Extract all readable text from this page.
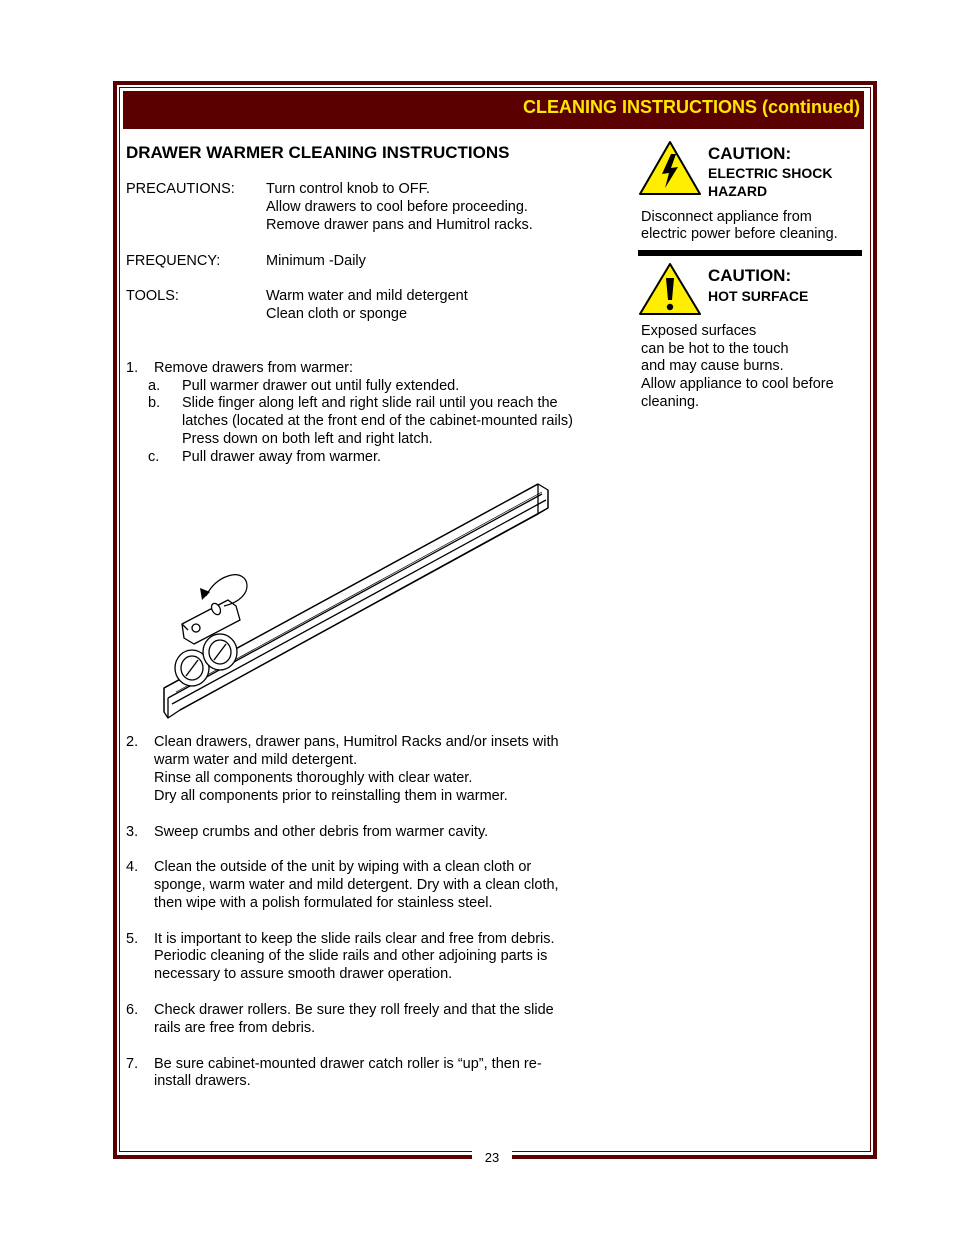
CLEANING INSTRUCTIONS (continued)
DRAWER WARMER CLEANING INSTRUCTIONS
PRECAUTIONS: Turn control knob to OFF.
Allow drawers to cool before proceeding.
Remove drawer pans and Humitrol racks.
FREQUENCY:	Minimum -Daily
TOOLS:	Warm water and mild detergent
Clean cloth or sponge
1. Remove drawers from warmer:
a. Pull warmer drawer out until fully extended.
b. Slide finger along left and right slide rail until you reach the
latches (located at the front end of the cabinet-mounted rails)
Press down on both left and right latch.
c. Pull drawer away from warmer.
2. Clean drawers, drawer pans, Humitrol Racks and/or insets with
warm water and mild detergent.
Rinse all components thoroughly with clear water.
Dry all components prior to reinstalling them in warmer.
3. Sweep crumbs and other debris from warmer cavity.
4. Clean the outside of the unit by wiping with a clean cloth or
sponge, warm water and mild detergent. Dry with a clean cloth,
then wipe with a polish formulated for stainless steel.
5. It is important to keep the slide rails clear and free from debris.
Periodic cleaning of the slide rails and other adjoining parts is
necessary to assure smooth drawer operation.
6. Check drawer rollers. Be sure they roll freely and that the slide
rails are free from debris.
7. Be sure cabinet-mounted drawer catch roller is “up”, then re-
install drawers.
CAUTION:
ELECTRIC SHOCK
HAZARD
Disconnect appliance from
electric power before cleaning.
CAUTION:
HOT SURFACE
Exposed surfaces
can be hot to the touch
and may cause burns.
Allow appliance to cool before
cleaning.
23
